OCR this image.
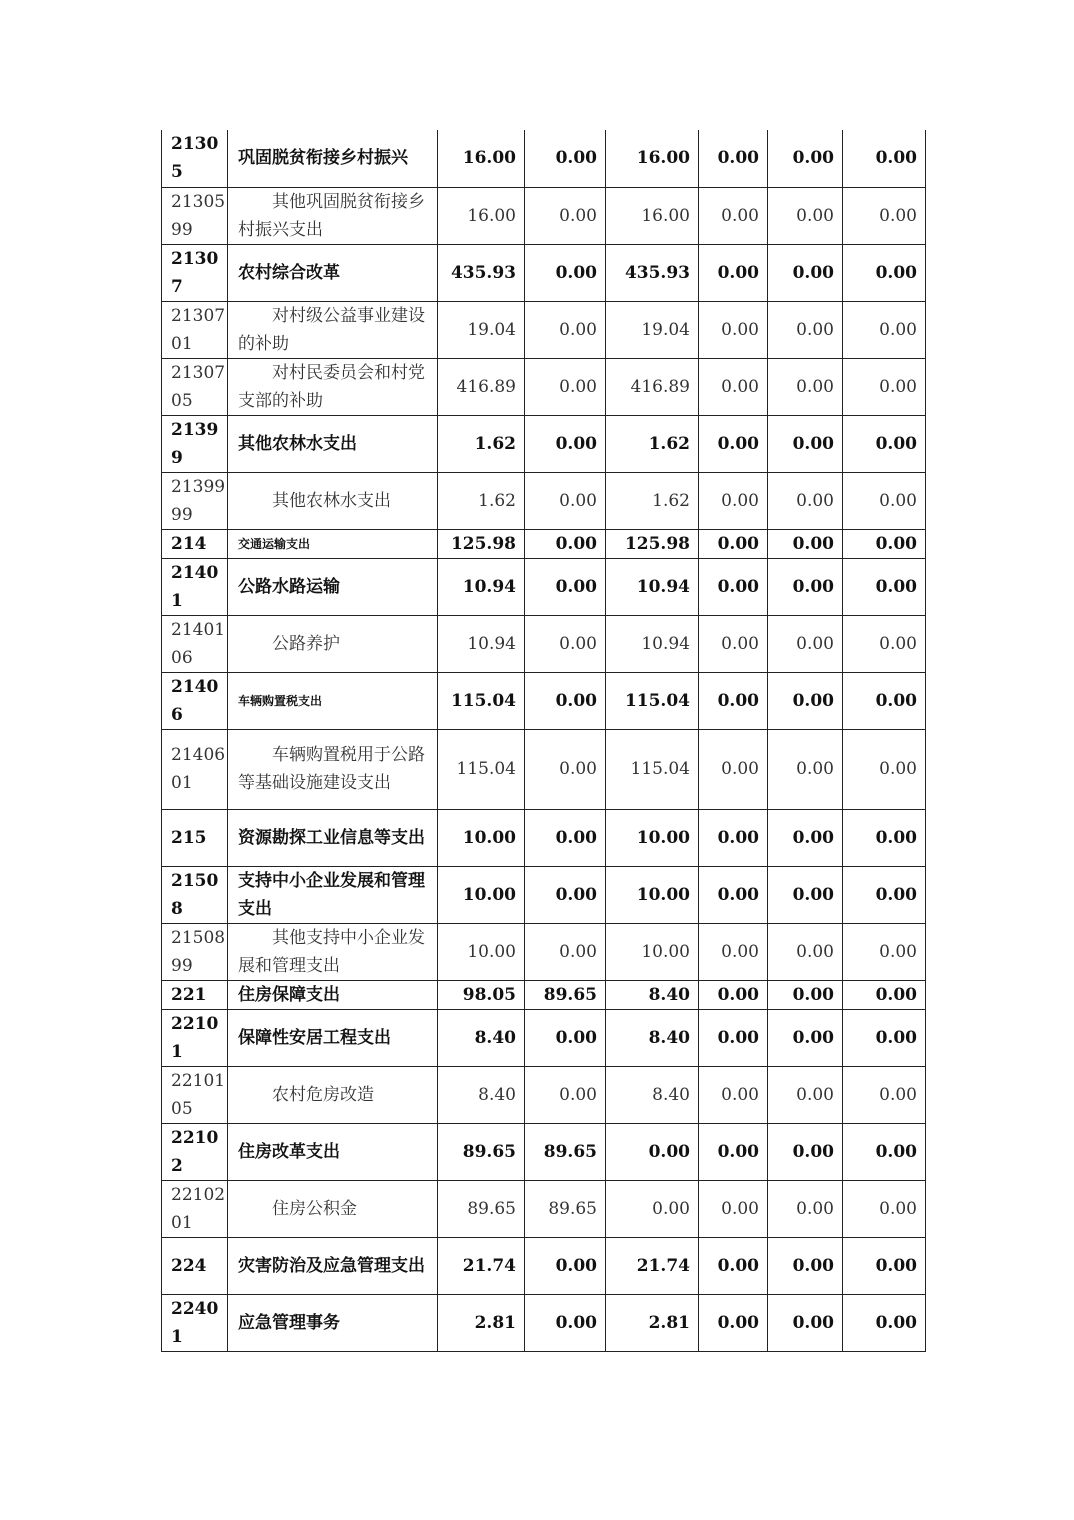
21305	巩固脱贫衔接乡村振兴	16.00	0.00	16.00	0.00	0.00	0.00
2130599	其他巩固脱贫衔接乡村振兴支出	16.00	0.00	16.00	0.00	0.00	0.00
21307	农村综合改革	435.93	0.00	435.93	0.00	0.00	0.00
2130701	对村级公益事业建设的补助	19.04	0.00	19.04	0.00	0.00	0.00
2130705	对村民委员会和村党支部的补助	416.89	0.00	416.89	0.00	0.00	0.00
21399	其他农林水支出	1.62	0.00	1.62	0.00	0.00	0.00
2139999	其他农林水支出	1.62	0.00	1.62	0.00	0.00	0.00
214	交通运输支出	125.98	0.00	125.98	0.00	0.00	0.00
21401	公路水路运输	10.94	0.00	10.94	0.00	0.00	0.00
2140106	公路养护	10.94	0.00	10.94	0.00	0.00	0.00
21406	车辆购置税支出	115.04	0.00	115.04	0.00	0.00	0.00
2140601	车辆购置税用于公路等基础设施建设支出	115.04	0.00	115.04	0.00	0.00	0.00
215	资源勘探工业信息等支出	10.00	0.00	10.00	0.00	0.00	0.00
21508	支持中小企业发展和管理支出	10.00	0.00	10.00	0.00	0.00	0.00
2150899	其他支持中小企业发展和管理支出	10.00	0.00	10.00	0.00	0.00	0.00
221	住房保障支出	98.05	89.65	8.40	0.00	0.00	0.00
22101	保障性安居工程支出	8.40	0.00	8.40	0.00	0.00	0.00
2210105	农村危房改造	8.40	0.00	8.40	0.00	0.00	0.00
22102	住房改革支出	89.65	89.65	0.00	0.00	0.00	0.00
2210201	住房公积金	89.65	89.65	0.00	0.00	0.00	0.00
224	灾害防治及应急管理支出	21.74	0.00	21.74	0.00	0.00	0.00
22401	应急管理事务	2.81	0.00	2.81	0.00	0.00	0.00
